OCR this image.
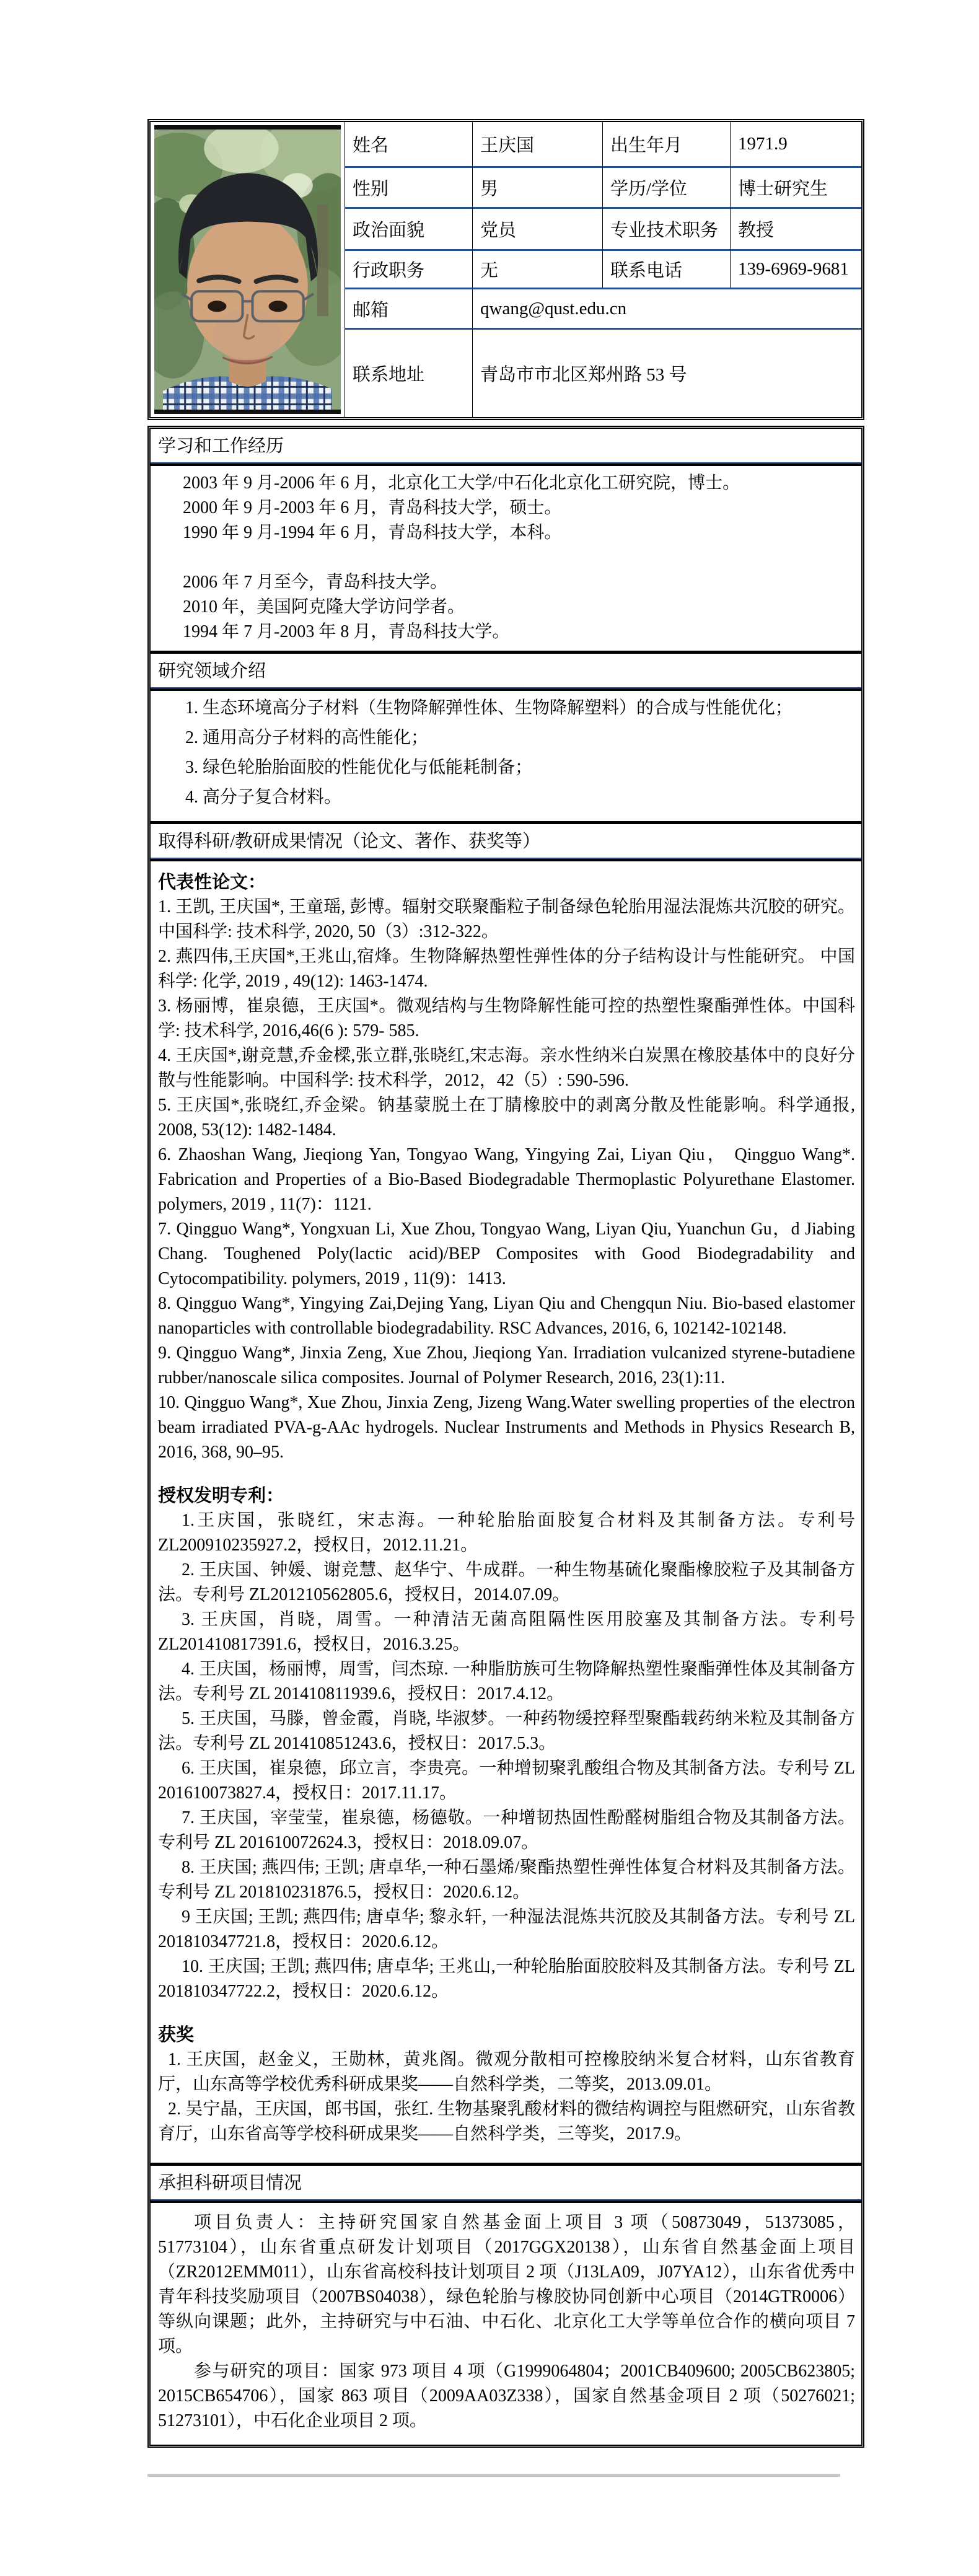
姓名	王庆国	出生年月	1971.9
性别	男	学历/学位	博士研究生
政治面貌	党员	专业技术职务	教授
行政职务	无	联系电话	139-6969-9681
邮箱	qwang@qust.edu.cn
联系地址	青岛市市北区郑州路 53 号
学习和工作经历

2003 年 9 月-2006 年 6 月，北京化工大学/中石化北京化工研究院，博士。

2000 年 9 月-2003 年 6 月，青岛科技大学，硕士。

1990 年 9 月-1994 年 6 月，青岛科技大学，本科。

2006 年 7 月至今，青岛科技大学。

2010 年，美国阿克隆大学访问学者。

1994 年 7 月-2003 年 8 月，青岛科技大学。

研究领域介绍

1. 生态环境高分子材料（生物降解弹性体、生物降解塑料）的合成与性能优化；

2. 通用高分子材料的高性能化；

3. 绿色轮胎胎面胶的性能优化与低能耗制备；

4. 高分子复合材料。

取得科研/教研成果情况（论文、著作、获奖等）

代表性论文：

1. 王凯, 王庆国*, 王童瑶, 彭博。辐射交联聚酯粒子制备绿色轮胎用湿法混炼共沉胶的研究。中国科学: 技术科学, 2020, 50（3）:312-322。

2. 燕四伟,王庆国*,王兆山,宿烽。生物降解热塑性弹性体的分子结构设计与性能研究。 中国科学: 化学, 2019 , 49(12): 1463-1474.

3. 杨丽博，崔泉德，王庆国*。微观结构与生物降解性能可控的热塑性聚酯弹性体。中国科学: 技术科学, 2016,46(6 ): 579- 585.

4. 王庆国*,谢竞慧,乔金樑,张立群,张晓红,宋志海。亲水性纳米白炭黑在橡胶基体中的良好分散与性能影响。中国科学: 技术科学，2012，42（5）: 590-596.

5. 王庆国*,张晓红,乔金梁。钠基蒙脱土在丁腈橡胶中的剥离分散及性能影响。科学通报, 2008, 53(12): 1482-1484.

6. Zhaoshan Wang, Jieqiong Yan, Tongyao Wang, Yingying Zai, Liyan Qiu， Qingguo Wang*. Fabrication and Properties of a Bio-Based Biodegradable Thermoplastic Polyurethane Elastomer. polymers, 2019 , 11(7)：1121.

7. Qingguo Wang*, Yongxuan Li, Xue Zhou, Tongyao Wang, Liyan Qiu, Yuanchun Gu，d Jiabing Chang. Toughened Poly(lactic acid)/BEP Composites with Good Biodegradability and Cytocompatibility. polymers, 2019 , 11(9)：1413.

8. Qingguo Wang*, Yingying Zai,Dejing Yang, Liyan Qiu and Chengqun Niu. Bio-based elastomer nanoparticles with controllable biodegradability. RSC Advances, 2016, 6, 102142-102148.

9. Qingguo Wang*, Jinxia Zeng, Xue Zhou, Jieqiong Yan. Irradiation vulcanized styrene-butadiene rubber/nanoscale silica composites. Journal of Polymer Research, 2016, 23(1):11.

10. Qingguo Wang*, Xue Zhou, Jinxia Zeng, Jizeng Wang.Water swelling properties of the electron beam irradiated PVA-g-AAc hydrogels. Nuclear Instruments and Methods in Physics Research B, 2016, 368, 90–95.

授权发明专利：

1.王庆国，张晓红，宋志海。一种轮胎胎面胶复合材料及其制备方法。专利号 ZL200910235927.2，授权日，2012.11.21。

2. 王庆国、钟媛、谢竞慧、赵华宁、牛成群。一种生物基硫化聚酯橡胶粒子及其制备方法。专利号 ZL201210562805.6，授权日，2014.07.09。

3. 王庆国，肖晓，周雪。一种清洁无菌高阻隔性医用胶塞及其制备方法。专利号 ZL201410817391.6，授权日，2016.3.25。

4. 王庆国，杨丽博，周雪，闫杰琼. 一种脂肪族可生物降解热塑性聚酯弹性体及其制备方法。专利号 ZL 201410811939.6，授权日：2017.4.12。

5. 王庆国，马滕，曾金霞，肖晓, 毕淑梦。一种药物缓控释型聚酯载药纳米粒及其制备方法。专利号 ZL 201410851243.6，授权日：2017.5.3。

6. 王庆国，崔泉德，邱立言，李贵亮。一种增韧聚乳酸组合物及其制备方法。专利号 ZL 201610073827.4，授权日：2017.11.17。

7. 王庆国，宰莹莹，崔泉德，杨德敬。一种增韧热固性酚醛树脂组合物及其制备方法。专利号 ZL 201610072624.3，授权日：2018.09.07。

8. 王庆国; 燕四伟; 王凯; 唐卓华,一种石墨烯/聚酯热塑性弹性体复合材料及其制备方法。专利号 ZL 201810231876.5，授权日：2020.6.12。

9 王庆国; 王凯; 燕四伟; 唐卓华; 黎永轩, 一种湿法混炼共沉胶及其制备方法。专利号 ZL 201810347721.8，授权日：2020.6.12。

10. 王庆国; 王凯; 燕四伟; 唐卓华; 王兆山,一种轮胎胎面胶胶料及其制备方法。专利号 ZL 201810347722.2，授权日：2020.6.12。

获奖

1. 王庆国，赵金义，王勋林，黄兆阁。微观分散相可控橡胶纳米复合材料，山东省教育厅，山东高等学校优秀科研成果奖——自然科学类，二等奖，2013.09.01。

2. 吴宁晶，王庆国，郎书国，张红. 生物基聚乳酸材料的微结构调控与阻燃研究，山东省教育厅，山东省高等学校科研成果奖——自然科学类，三等奖，2017.9。

承担科研项目情况

项目负责人：主持研究国家自然基金面上项目 3 项（50873049，51373085，51773104），山东省重点研发计划项目（2017GGX20138），山东省自然基金面上项目（ZR2012EMM011），山东省高校科技计划项目 2 项（J13LA09，J07YA12），山东省优秀中青年科技奖励项目（2007BS04038），绿色轮胎与橡胶协同创新中心项目（2014GTR0006）等纵向课题；此外，主持研究与中石油、中石化、北京化工大学等单位合作的横向项目 7 项。

参与研究的项目：国家 973 项目 4 项（G1999064804；2001CB409600; 2005CB623805; 2015CB654706），国家 863 项目（2009AA03Z338），国家自然基金项目 2 项（50276021; 51273101），中石化企业项目 2 项。
